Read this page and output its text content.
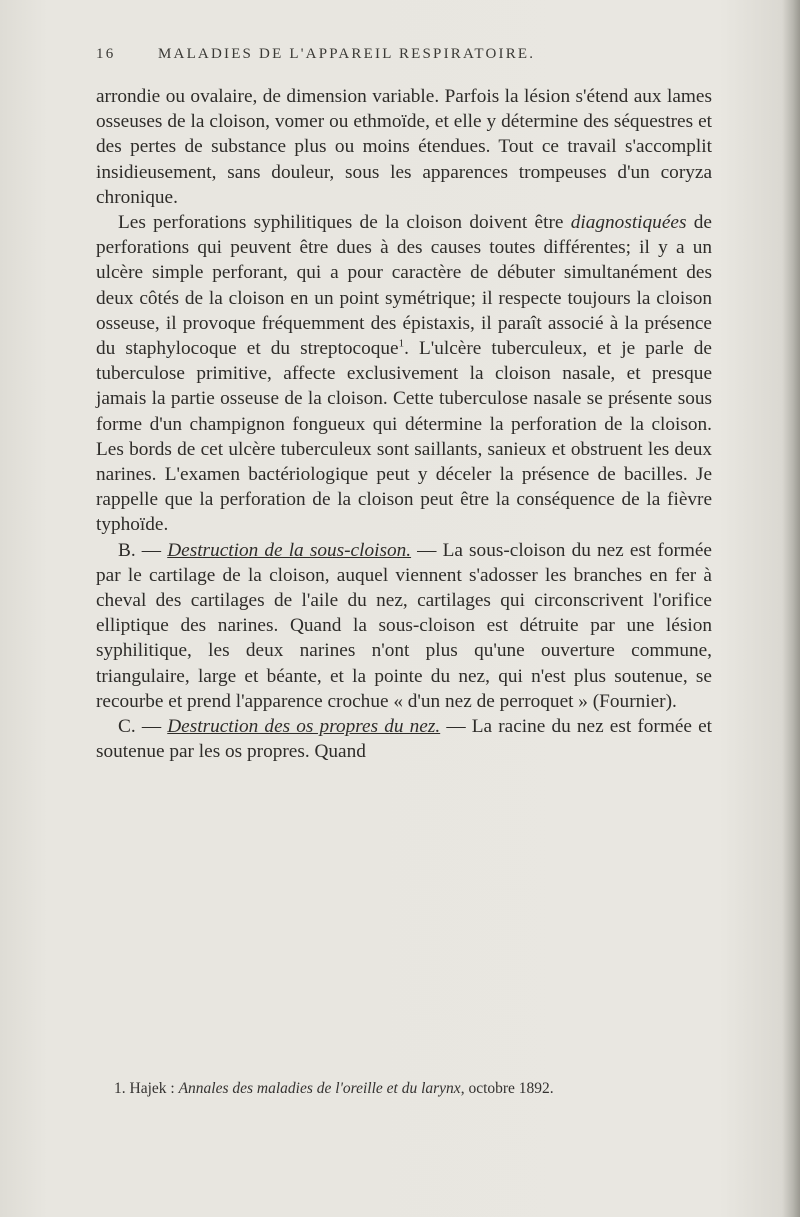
16	MALADIES DE L'APPAREIL RESPIRATOIRE.

arrondie ou ovalaire, de dimension variable. Parfois la lésion s'étend aux lames osseuses de la cloison, vomer ou ethmoïde, et elle y détermine des séquestres et des pertes de substance plus ou moins étendues. Tout ce travail s'accomplit insidieusement, sans douleur, sous les apparences trompeuses d'un coryza chronique.

Les perforations syphilitiques de la cloison doivent être diagnostiquées de perforations qui peuvent être dues à des causes toutes différentes; il y a un ulcère simple perforant, qui a pour caractère de débuter simultanément des deux côtés de la cloison en un point symétrique; il respecte toujours la cloison osseuse, il provoque fréquemment des épistaxis, il paraît associé à la présence du staphylocoque et du streptocoque$^1$. L'ulcère tuberculeux, et je parle de tuberculose primitive, affecte exclusivement la cloison nasale, et presque jamais la partie osseuse de la cloison. Cette tuberculose nasale se présente sous forme d'un champignon fongueux qui détermine la perforation de la cloison. Les bords de cet ulcère tuberculeux sont saillants, sanieux et obstruent les deux narines. L'examen bactériologique peut y déceler la présence de bacilles. Je rappelle que la perforation de la cloison peut être la conséquence de la fièvre typhoïde.

B. — Destruction de la sous-cloison. — La sous-cloison du nez est formée par le cartilage de la cloison, auquel viennent s'adosser les branches en fer à cheval des cartilages de l'aile du nez, cartilages qui circonscrivent l'orifice elliptique des narines. Quand la sous-cloison est détruite par une lésion syphilitique, les deux narines n'ont plus qu'une ouverture commune, triangulaire, large et béante, et la pointe du nez, qui n'est plus soutenue, se recourbe et prend l'apparence crochue « d'un nez de perroquet » (Fournier).

C. — Destruction des os propres du nez. — La racine du nez est formée et soutenue par les os propres. Quand

1. Hajek : Annales des maladies de l'oreille et du larynx, octobre 1892.
